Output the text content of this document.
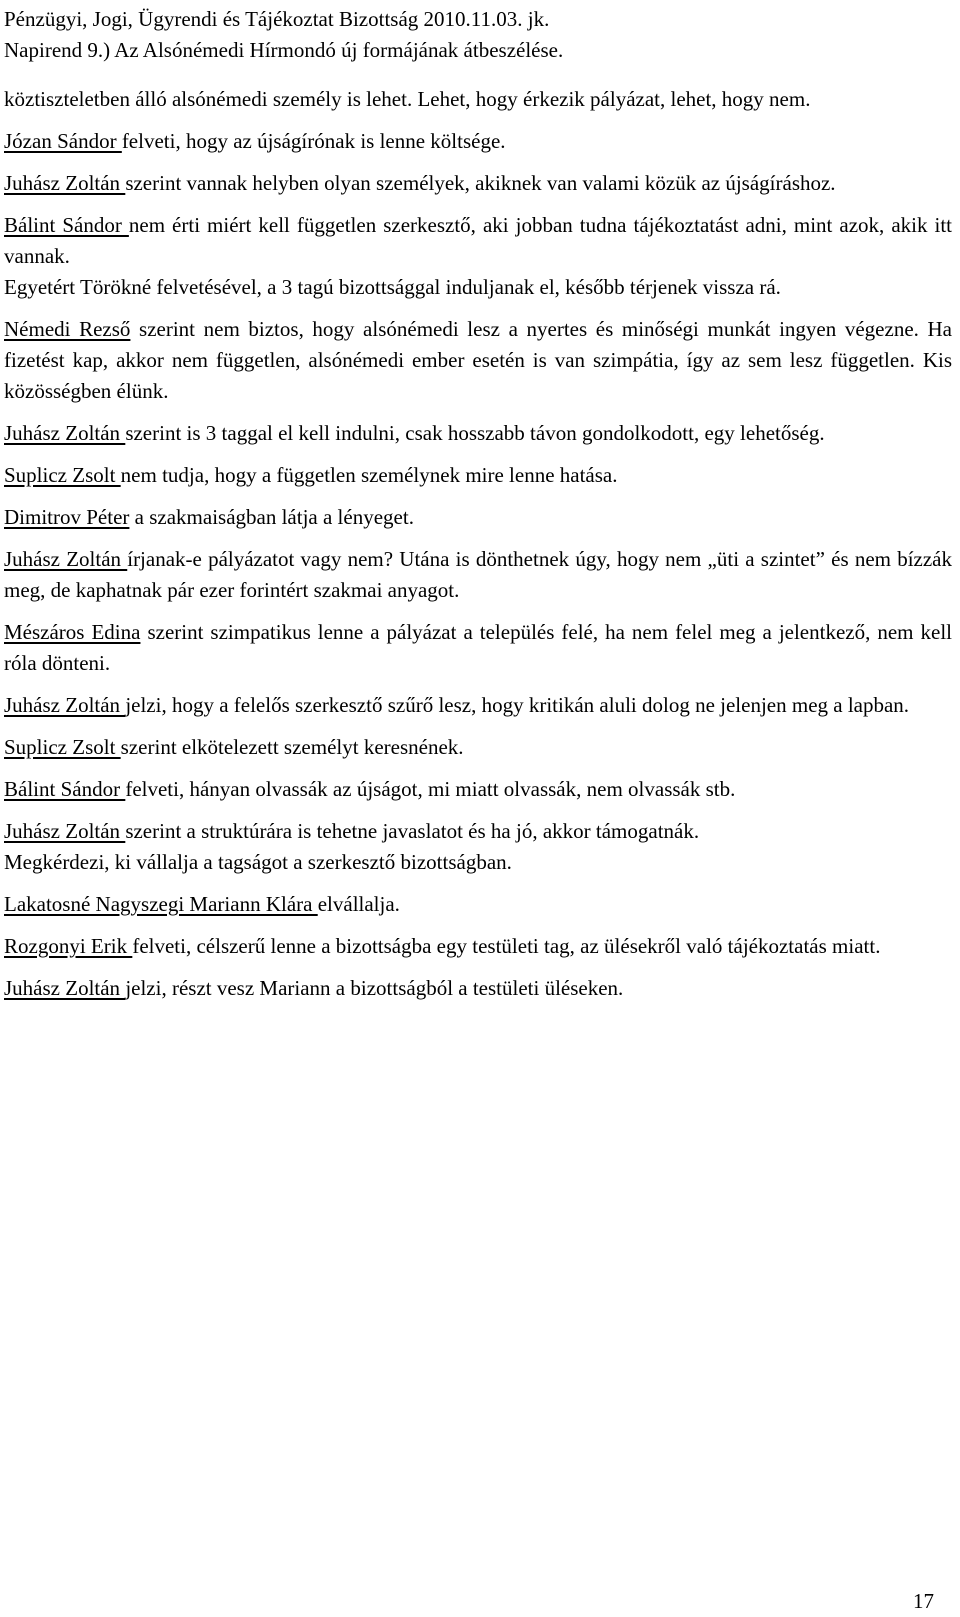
Pénzügyi, Jogi, Ügyrendi és Tájékoztat Bizottság 2010.11.03. jk.
Napirend 9.) Az Alsónémedi Hírmondó új formájának átbeszélése.

köztiszteletben álló alsónémedi személy is lehet. Lehet, hogy érkezik pályázat, lehet, hogy nem.

Józan Sándor felveti, hogy az újságírónak is lenne költsége.

Juhász Zoltán szerint vannak helyben olyan személyek, akiknek van valami közük az újságíráshoz.

Bálint Sándor nem érti miért kell független szerkesztő, aki jobban tudna tájékoztatást adni, mint azok, akik itt vannak.

Egyetért Törökné felvetésével, a 3 tagú bizottsággal induljanak el, később térjenek vissza rá.

Némedi Rezső szerint nem biztos, hogy alsónémedi lesz a nyertes és minőségi munkát ingyen végezne. Ha fizetést kap, akkor nem független, alsónémedi ember esetén is van szimpátia, így az sem lesz független. Kis közösségben élünk.

Juhász Zoltán szerint is 3 taggal el kell indulni, csak hosszabb távon gondolkodott, egy lehetőség.

Suplicz Zsolt nem tudja, hogy a független személynek mire lenne hatása.

Dimitrov Péter a szakmaiságban látja a lényeget.

Juhász Zoltán írjanak-e pályázatot vagy nem? Utána is dönthetnek úgy, hogy nem „üti a szintet” és nem bízzák meg, de kaphatnak pár ezer forintért szakmai anyagot.

Mészáros Edina szerint szimpatikus lenne a pályázat a település felé, ha nem felel meg a jelentkező, nem kell róla dönteni.

Juhász Zoltán jelzi, hogy a felelős szerkesztő szűrő lesz, hogy kritikán aluli dolog ne jelenjen meg a lapban.

Suplicz Zsolt szerint elkötelezett személyt keresnének.

Bálint Sándor felveti, hányan olvassák az újságot, mi miatt olvassák, nem olvassák stb.

Juhász Zoltán szerint a struktúrára is tehetne javaslatot és ha jó, akkor támogatnák.

Megkérdezi, ki vállalja a tagságot a szerkesztő bizottságban.

Lakatosné Nagyszegi Mariann Klára elvállalja.

Rozgonyi Erik felveti, célszerű lenne a bizottságba egy testületi tag, az ülésekről való tájékoztatás miatt.

Juhász Zoltán jelzi, részt vesz Mariann a bizottságból a testületi üléseken.

17
